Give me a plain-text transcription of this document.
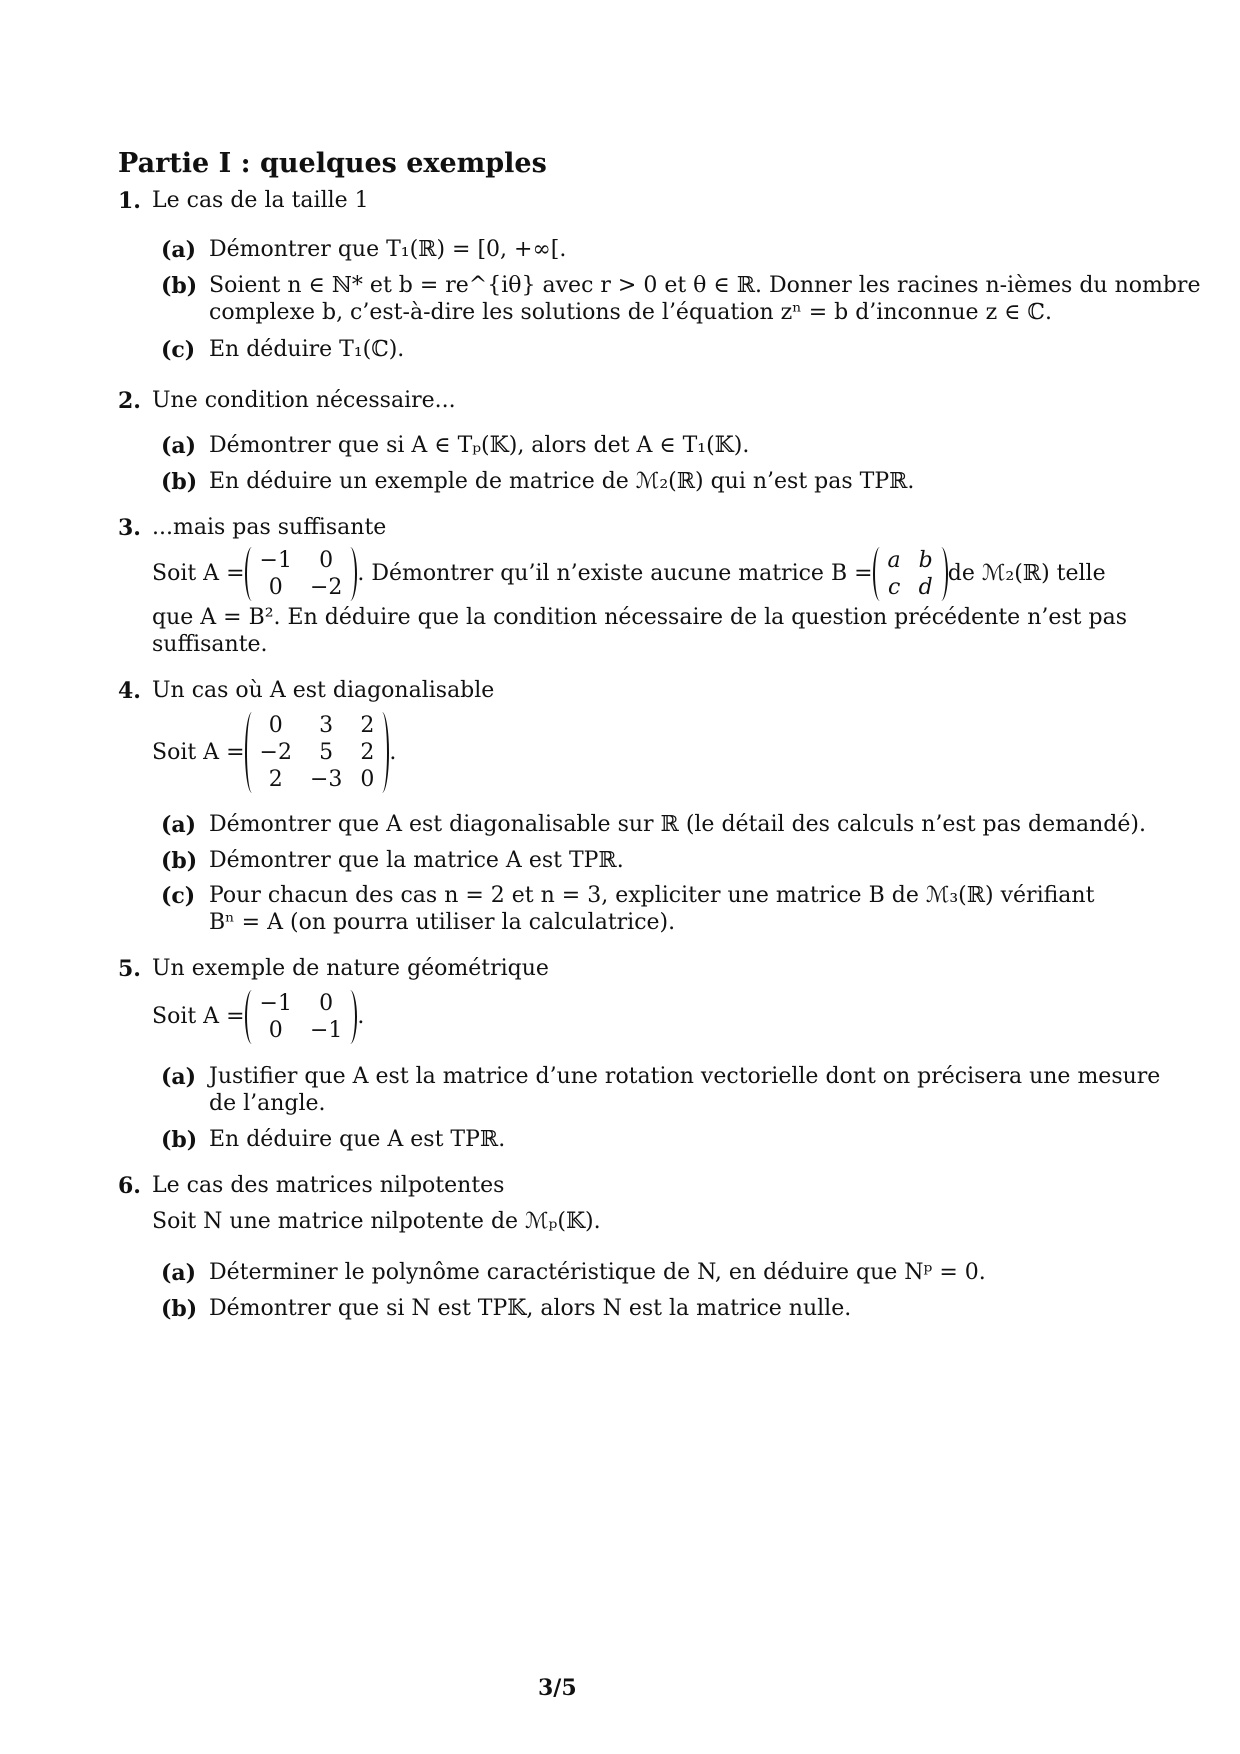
Partie I : quelques exemples
1. Le cas de la taille 1
(a) Démontrer que T₁(ℝ) = [0, +∞[.
(b) Soient n ∈ ℕ* et b = re^{iθ} avec r > 0 et θ ∈ ℝ. Donner les racines n-ièmes du nombre
complexe b, c’est-à-dire les solutions de l’équation zⁿ = b d’inconnue z ∈ ℂ.
(c) En déduire T₁(ℂ).
2. Une condition nécessaire...
(a) Démontrer que si A ∈ Tₚ(𝕂), alors det A ∈ T₁(𝕂).
(b) En déduire un exemple de matrice de ℳ₂(ℝ) qui n’est pas TPℝ.
3. ...mais pas suffisante
Soit A =
−1	0
0	−2
. Démontrer qu’il n’existe aucune matrice B =
a	b
c	d
de ℳ₂(ℝ) telle
que A = B². En déduire que la condition nécessaire de la question précédente n’est pas
suffisante.
4. Un cas où A est diagonalisable
Soit A =
0	3	2
−2	5	2
2	−3	0
.
(a) Démontrer que A est diagonalisable sur ℝ (le détail des calculs n’est pas demandé).
(b) Démontrer que la matrice A est TPℝ.
(c) Pour chacun des cas n = 2 et n = 3, expliciter une matrice B de ℳ₃(ℝ) vérifiant
Bⁿ = A (on pourra utiliser la calculatrice).
5. Un exemple de nature géométrique
Soit A =
−1	0
0	−1
.
(a) Justifier que A est la matrice d’une rotation vectorielle dont on précisera une mesure
de l’angle.
(b) En déduire que A est TPℝ.
6. Le cas des matrices nilpotentes
Soit N une matrice nilpotente de ℳₚ(𝕂).
(a) Déterminer le polynôme caractéristique de N, en déduire que Nᵖ = 0.
(b) Démontrer que si N est TP𝕂, alors N est la matrice nulle.
3/5
